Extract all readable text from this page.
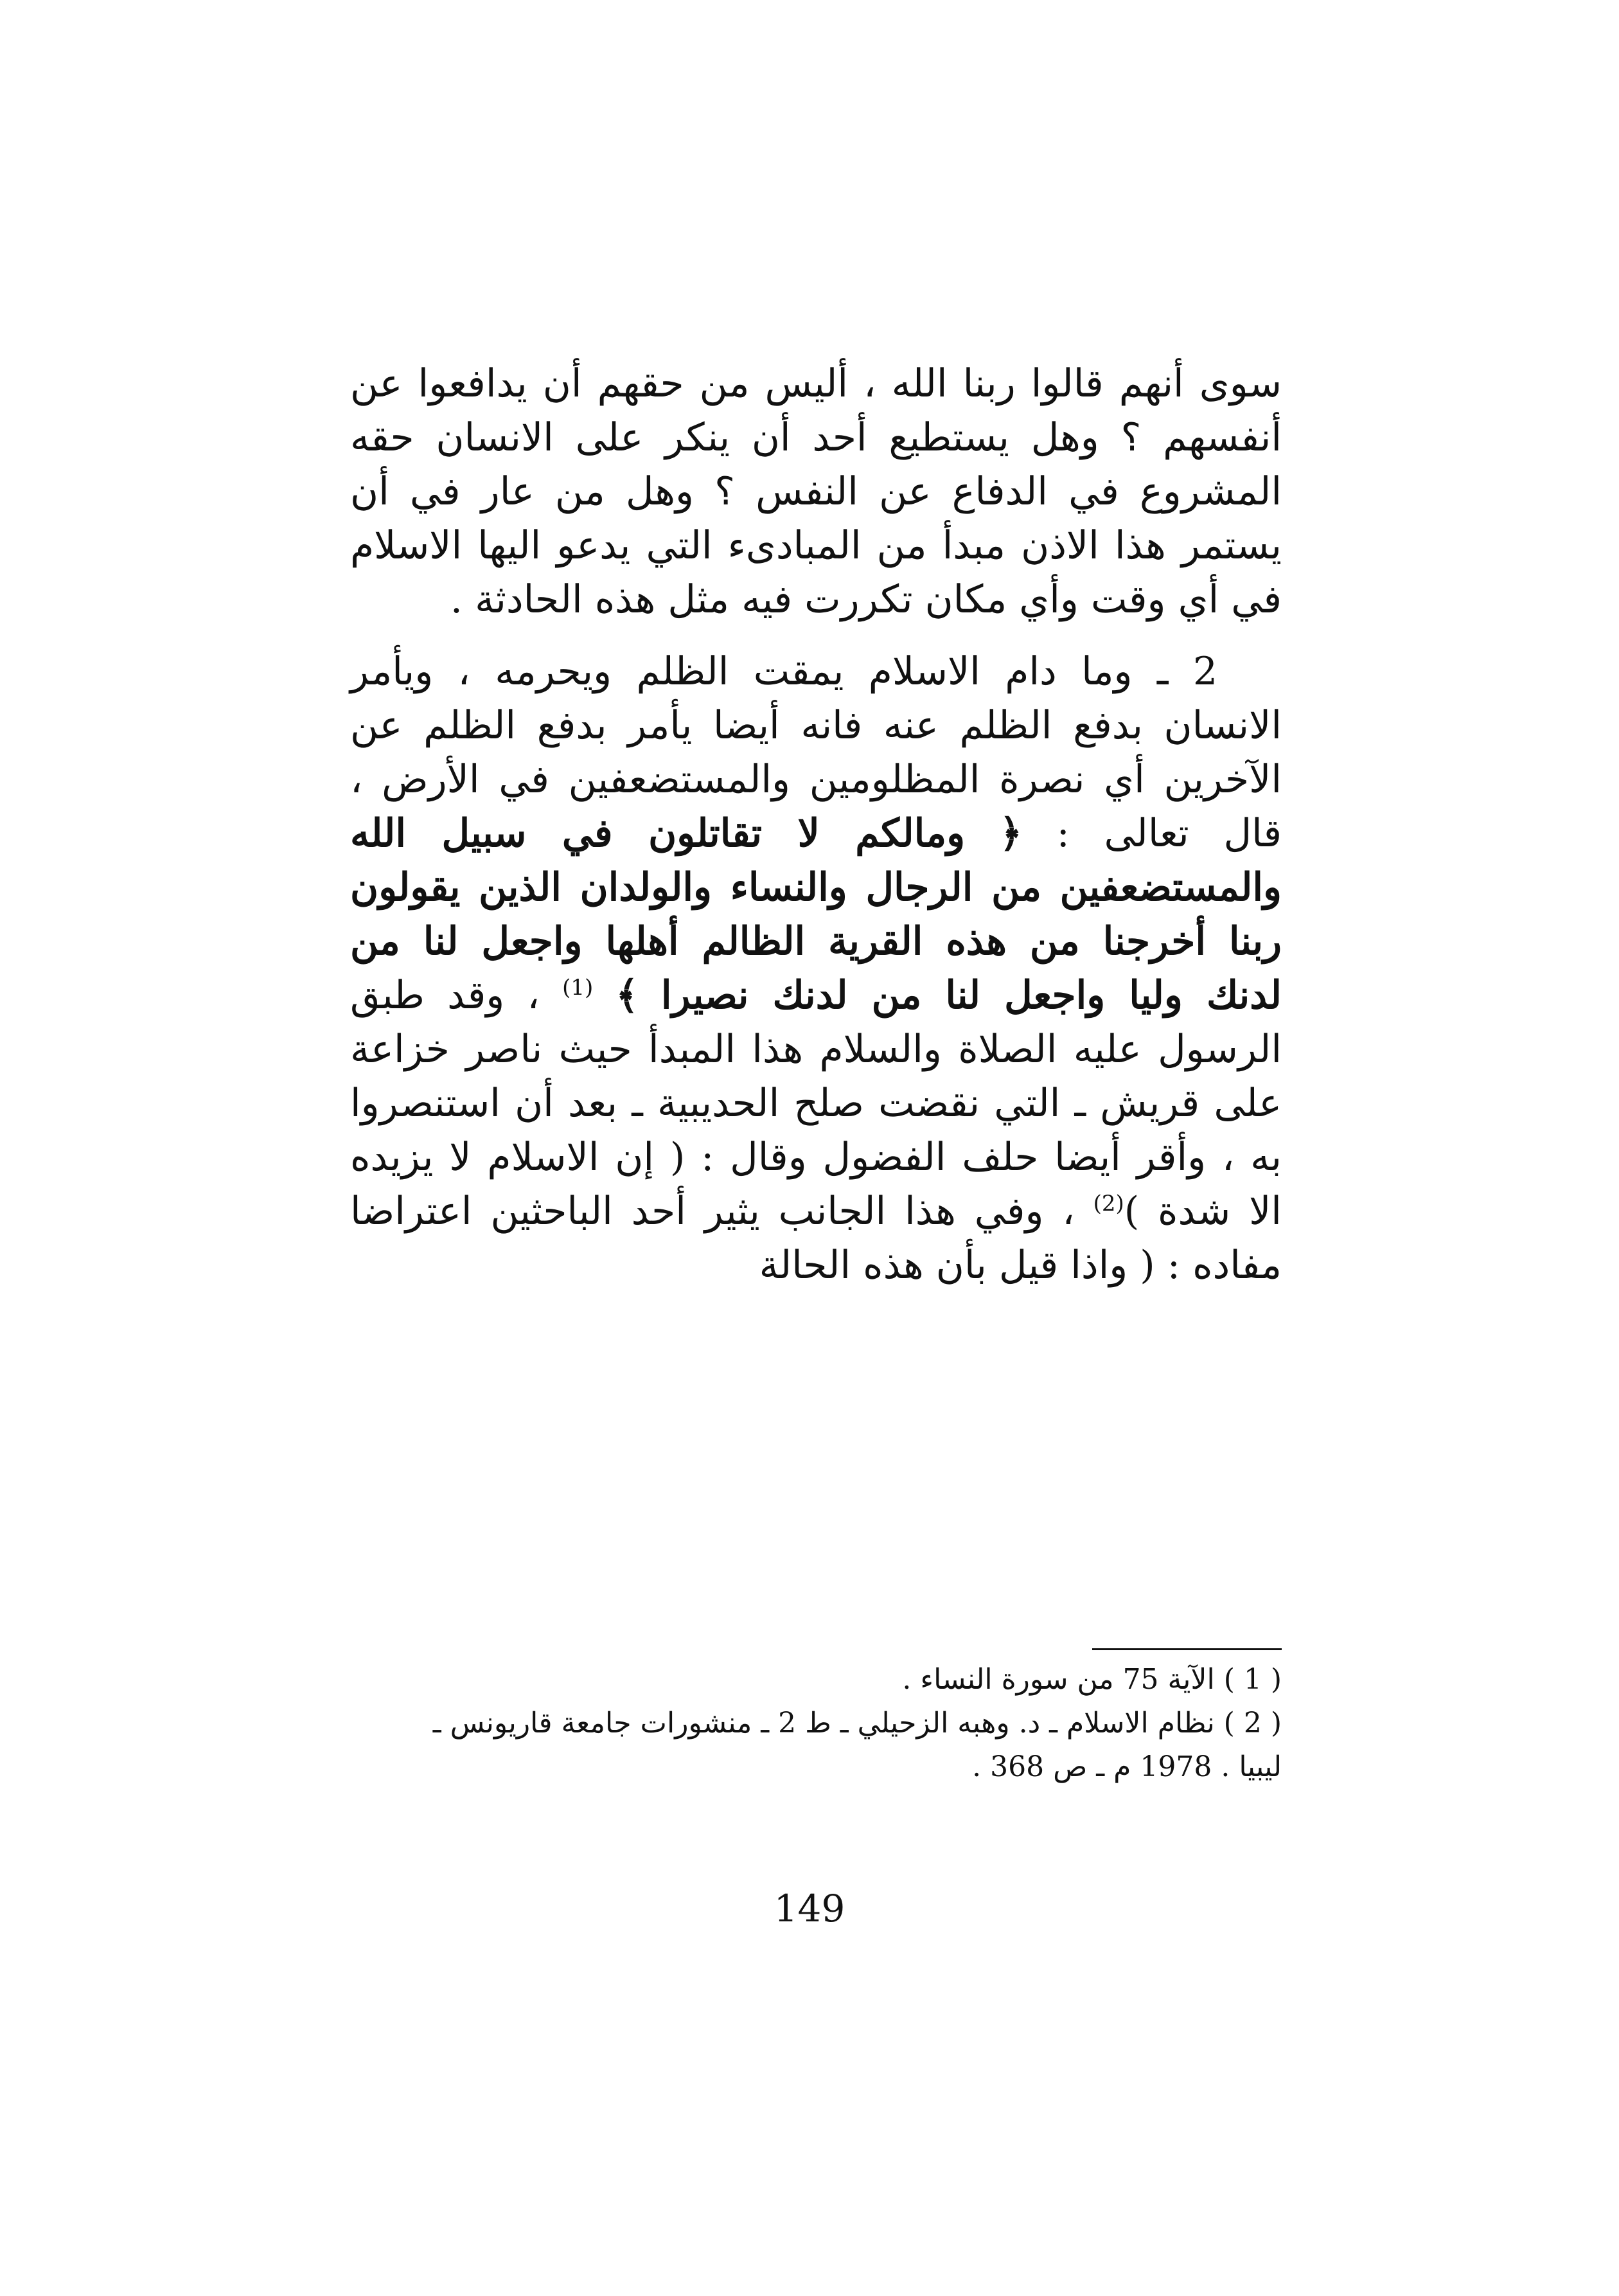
سوى أنهم قالوا ربنا الله ، أليس من حقهم أن يدافعوا عن أنفسهم ؟ وهل يستطيع أحد أن ينكر على الانسان حقه المشروع في الدفاع عن النفس ؟ وهل من عار في أن يستمر هذا الاذن مبدأ من المبادىء التي يدعو اليها الاسلام في أي وقت وأي مكان تكررت فيه مثل هذه الحادثة .

2 ـ وما دام الاسلام يمقت الظلم ويحرمه ، ويأمر الانسان بدفع الظلم عنه فانه أيضا يأمر بدفع الظلم عن الآخرين أي نصرة المظلومين والمستضعفين في الأرض ، قال تعالى : ﴿ ومالكم لا تقاتلون في سبيل الله والمستضعفين من الرجال والنساء والولدان الذين يقولون ربنا أخرجنا من هذه القرية الظالم أهلها واجعل لنا من لدنك وليا واجعل لنا من لدنك نصيرا ﴾ $^{(1)}$ ، وقد طبق الرسول عليه الصلاة والسلام هذا المبدأ حيث ناصر خزاعة على قريش ـ التي نقضت صلح الحديبية ـ بعد أن استنصروا به ، وأقر أيضا حلف الفضول وقال : ( إن الاسلام لا يزيده الا شدة )$^{(2)}$ ، وفي هذا الجانب يثير أحد الباحثين اعتراضا مفاده : ( واذا قيل بأن هذه الحالة

( 1 ) الآية 75 من سورة النساء .

( 2 ) نظام الاسلام ـ د. وهبه الزحيلي ـ ط 2 ـ منشورات جامعة قاريونس ـ

ليبيا . 1978 م ـ ص 368 .

149
